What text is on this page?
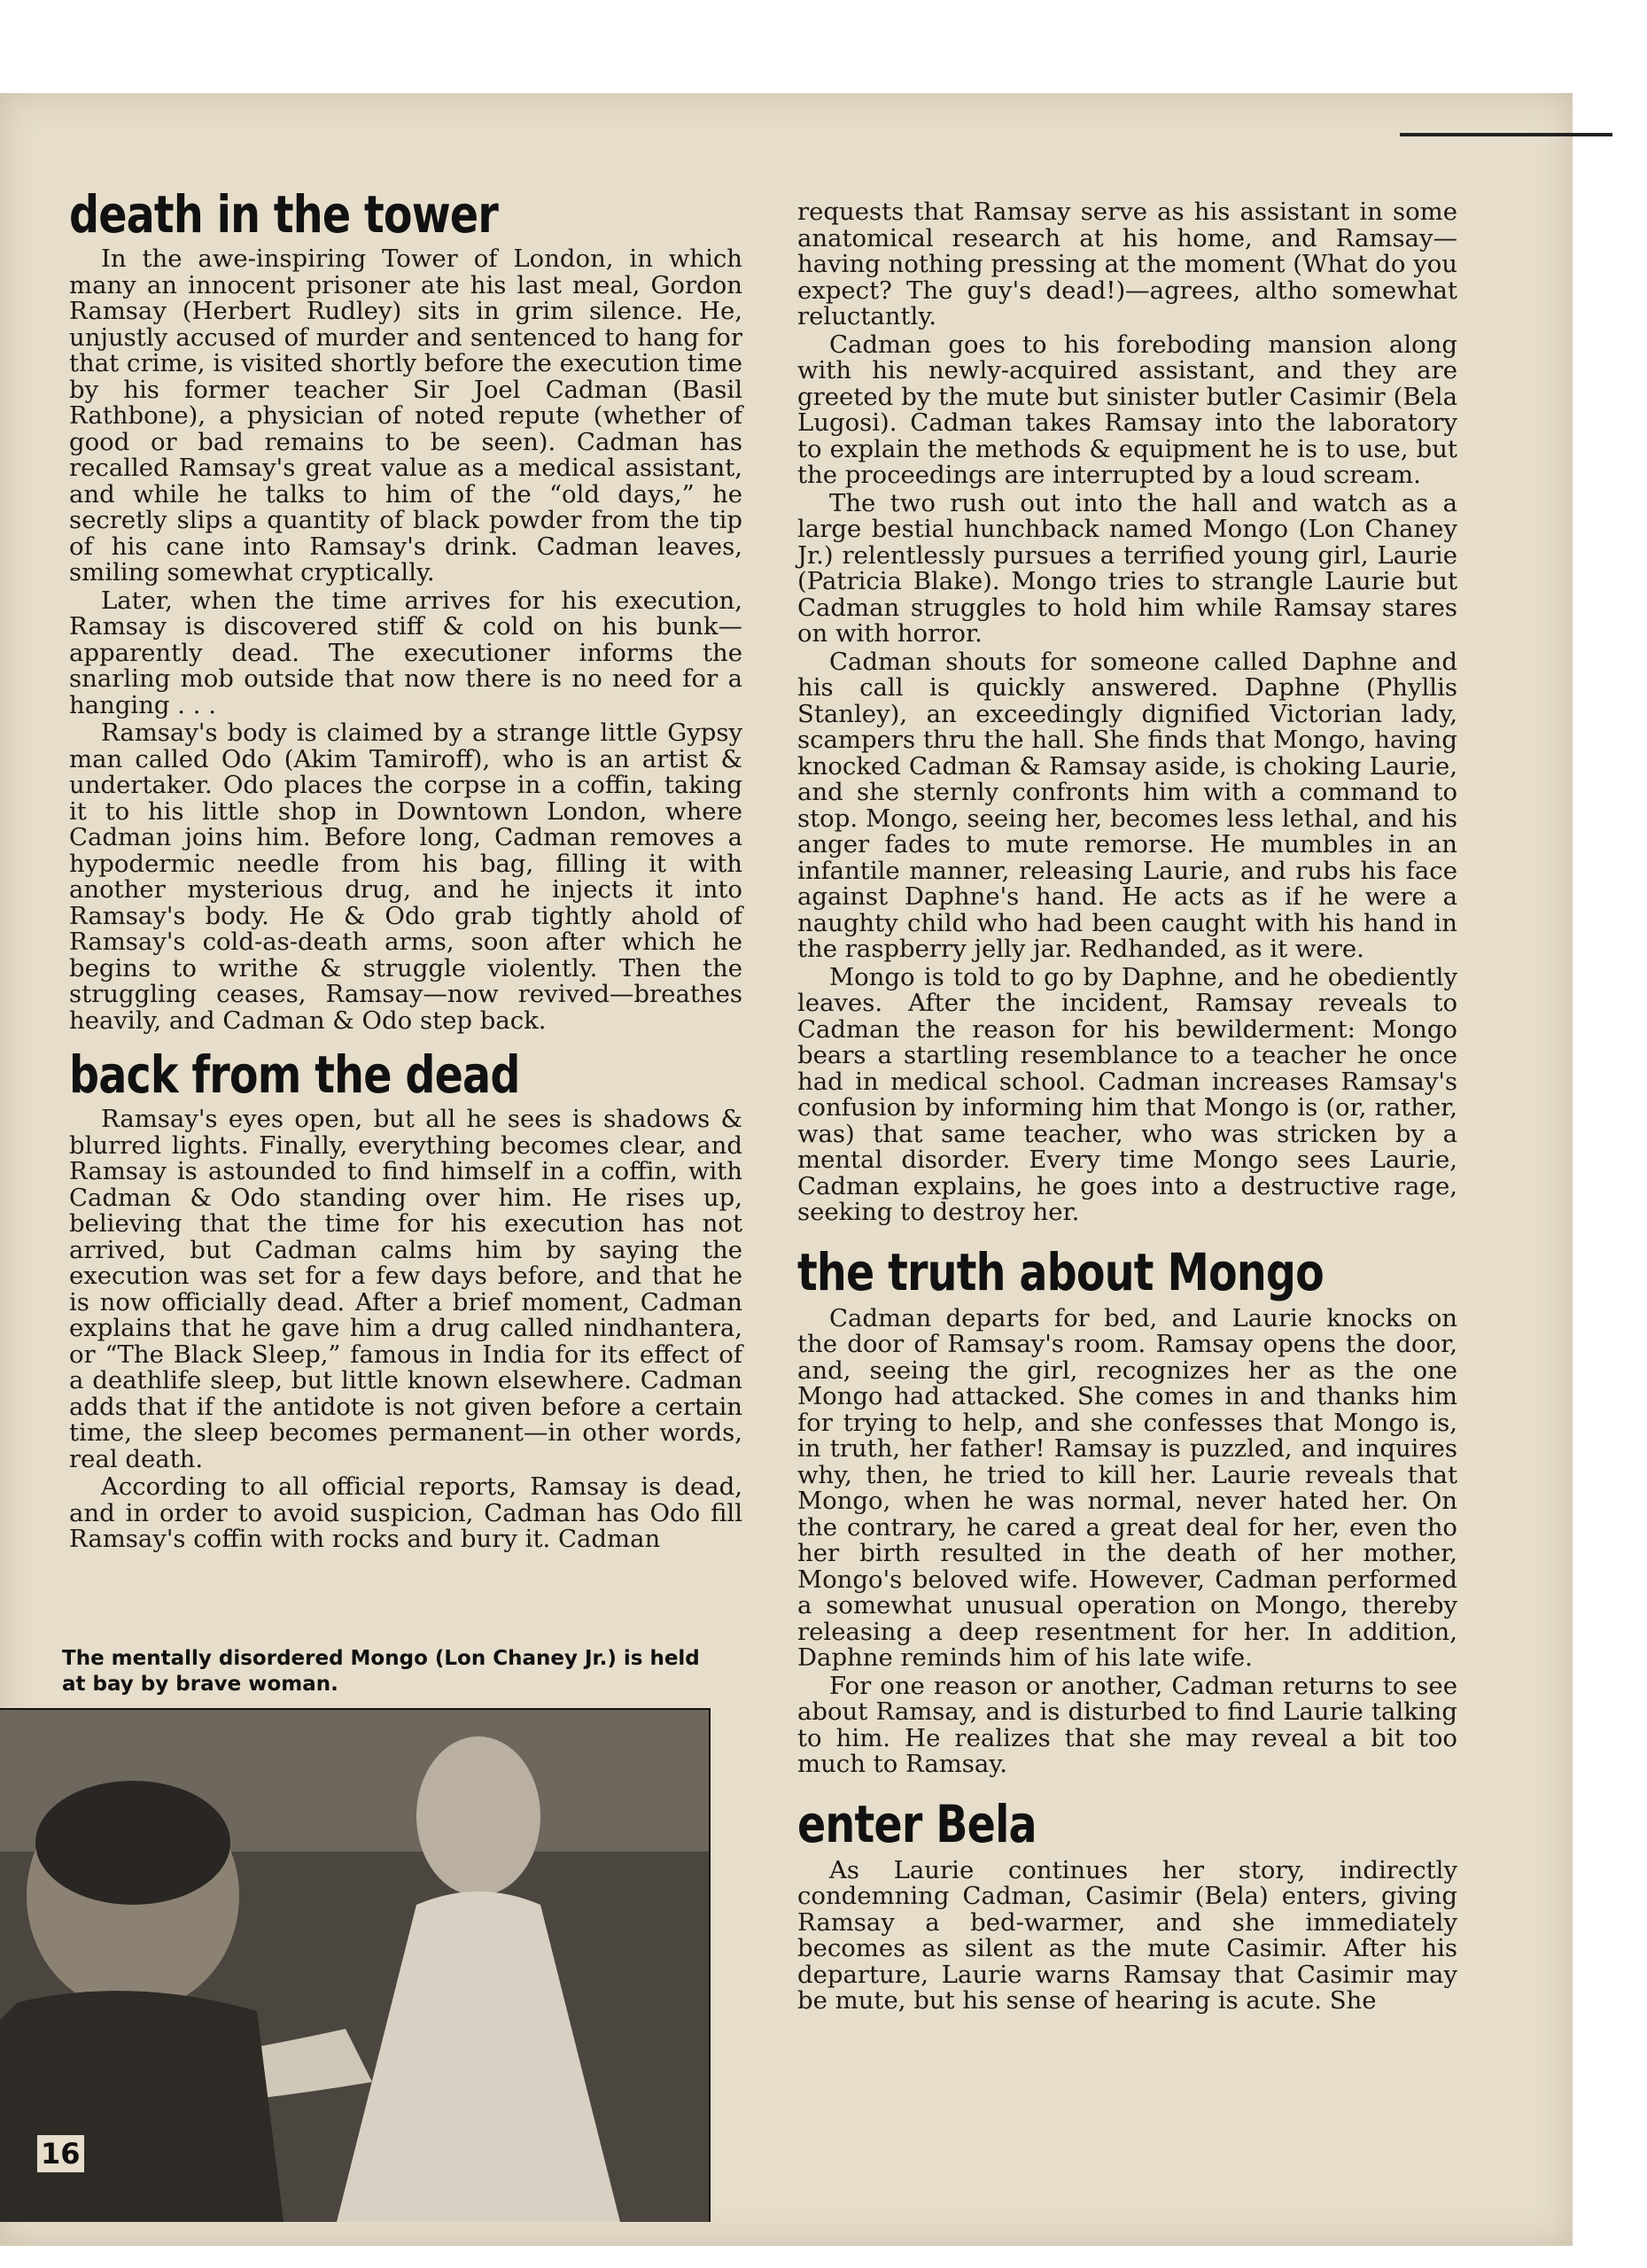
death in the tower

In the awe-inspiring Tower of London, in which many an innocent prisoner ate his last meal, Gordon Ramsay (Herbert Rudley) sits in grim silence. He, unjustly accused of murder and sentenced to hang for that crime, is visited shortly before the execution time by his former teacher Sir Joel Cadman (Basil Rathbone), a physician of noted repute (whether of good or bad remains to be seen). Cadman has recalled Ramsay's great value as a medical assistant, and while he talks to him of the “old days,” he secretly slips a quantity of black powder from the tip of his cane into Ramsay's drink. Cadman leaves, smiling somewhat cryptically.

Later, when the time arrives for his execution, Ramsay is discovered stiff & cold on his bunk—apparently dead. The executioner informs the snarling mob outside that now there is no need for a hanging . . .

Ramsay's body is claimed by a strange little Gypsy man called Odo (Akim Tamiroff), who is an artist & undertaker. Odo places the corpse in a coffin, taking it to his little shop in Downtown London, where Cadman joins him. Before long, Cadman removes a hypodermic needle from his bag, filling it with another mysterious drug, and he injects it into Ramsay's body. He & Odo grab tightly ahold of Ramsay's cold-as-death arms, soon after which he begins to writhe & struggle violently. Then the struggling ceases, Ramsay—now revived—breathes heavily, and Cadman & Odo step back.

back from the dead

Ramsay's eyes open, but all he sees is shadows & blurred lights. Finally, everything becomes clear, and Ramsay is astounded to find himself in a coffin, with Cadman & Odo standing over him. He rises up, believing that the time for his execution has not arrived, but Cadman calms him by saying the execution was set for a few days before, and that he is now officially dead. After a brief moment, Cadman explains that he gave him a drug called nindhantera, or “The Black Sleep,” famous in India for its effect of a deathlife sleep, but little known elsewhere. Cadman adds that if the antidote is not given before a certain time, the sleep becomes permanent—in other words, real death.

According to all official reports, Ramsay is dead, and in order to avoid suspicion, Cadman has Odo fill Ramsay's coffin with rocks and bury it. Cadman

The mentally disordered Mongo (Lon Chaney Jr.) is held at bay by brave woman.
16

requests that Ramsay serve as his assistant in some anatomical research at his home, and Ramsay—having nothing pressing at the moment (What do you expect? The guy's dead!)—agrees, altho somewhat reluctantly.

Cadman goes to his foreboding mansion along with his newly-acquired assistant, and they are greeted by the mute but sinister butler Casimir (Bela Lugosi). Cadman takes Ramsay into the laboratory to explain the methods & equipment he is to use, but the proceedings are interrupted by a loud scream.

The two rush out into the hall and watch as a large bestial hunchback named Mongo (Lon Chaney Jr.) relentlessly pursues a terrified young girl, Laurie (Patricia Blake). Mongo tries to strangle Laurie but Cadman struggles to hold him while Ramsay stares on with horror.

Cadman shouts for someone called Daphne and his call is quickly answered. Daphne (Phyllis Stanley), an exceedingly dignified Victorian lady, scampers thru the hall. She finds that Mongo, having knocked Cadman & Ramsay aside, is choking Laurie, and she sternly confronts him with a command to stop. Mongo, seeing her, becomes less lethal, and his anger fades to mute remorse. He mumbles in an infantile manner, releasing Laurie, and rubs his face against Daphne's hand. He acts as if he were a naughty child who had been caught with his hand in the raspberry jelly jar. Redhanded, as it were.

Mongo is told to go by Daphne, and he obediently leaves. After the incident, Ramsay reveals to Cadman the reason for his bewilderment: Mongo bears a startling resemblance to a teacher he once had in medical school. Cadman increases Ramsay's confusion by informing him that Mongo is (or, rather, was) that same teacher, who was stricken by a mental disorder. Every time Mongo sees Laurie, Cadman explains, he goes into a destructive rage, seeking to destroy her.

the truth about Mongo

Cadman departs for bed, and Laurie knocks on the door of Ramsay's room. Ramsay opens the door, and, seeing the girl, recognizes her as the one Mongo had attacked. She comes in and thanks him for trying to help, and she confesses that Mongo is, in truth, her father! Ramsay is puzzled, and inquires why, then, he tried to kill her. Laurie reveals that Mongo, when he was normal, never hated her. On the contrary, he cared a great deal for her, even tho her birth resulted in the death of her mother, Mongo's beloved wife. However, Cadman performed a somewhat unusual operation on Mongo, thereby releasing a deep resentment for her. In addition, Daphne reminds him of his late wife.

For one reason or another, Cadman returns to see about Ramsay, and is disturbed to find Laurie talking to him. He realizes that she may reveal a bit too much to Ramsay.

enter Bela

As Laurie continues her story, indirectly condemning Cadman, Casimir (Bela) enters, giving Ramsay a bed-warmer, and she immediately becomes as silent as the mute Casimir. After his departure, Laurie warns Ramsay that Casimir may be mute, but his sense of hearing is acute. She
